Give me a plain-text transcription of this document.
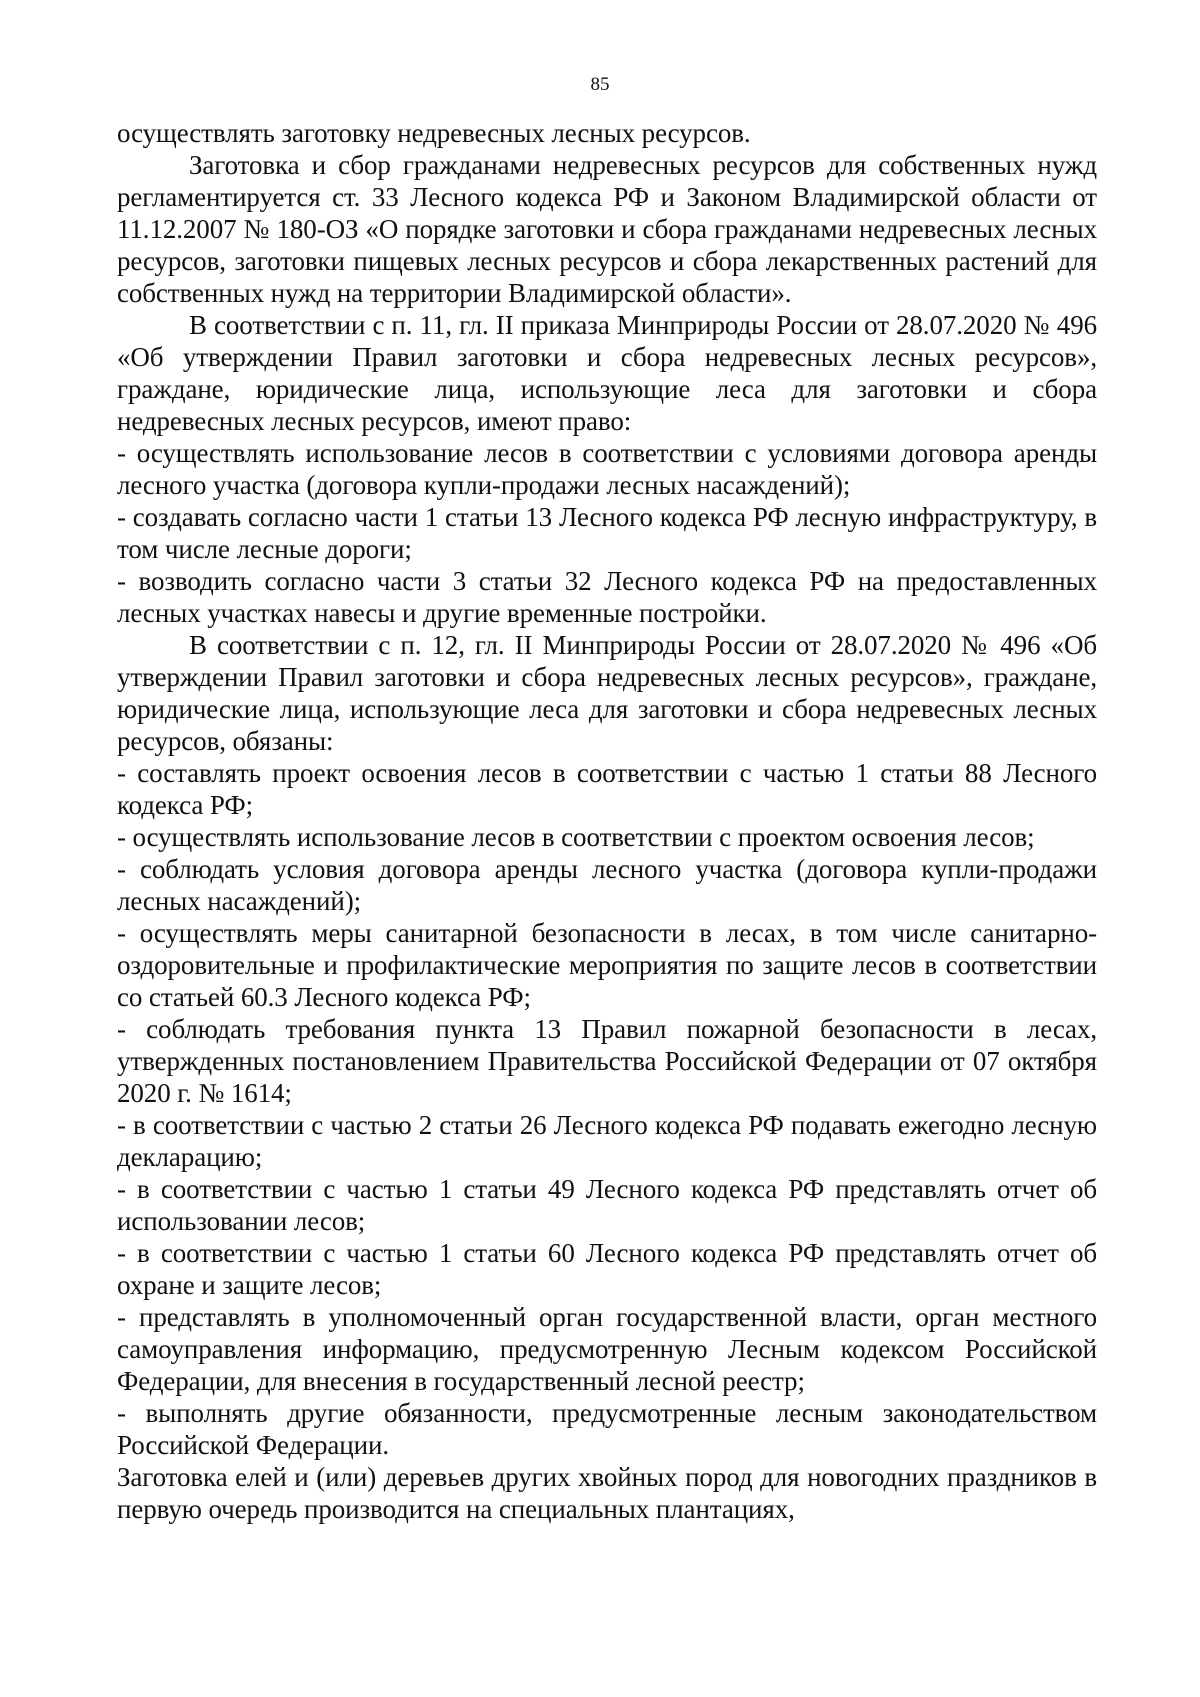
85

осуществлять заготовку недревесных лесных ресурсов.

Заготовка и сбор гражданами недревесных ресурсов для собственных нужд регламентируется ст. 33 Лесного кодекса РФ и Законом Владимирской области от 11.12.2007 № 180-ОЗ «О порядке заготовки и сбора гражданами недревесных лесных ресурсов, заготовки пищевых лесных ресурсов и сбора лекарственных растений для собственных нужд на территории Владимирской области».

В соответствии с п. 11, гл. II приказа Минприроды России от 28.07.2020 № 496 «Об утверждении Правил заготовки и сбора недревесных лесных ресурсов», граждане, юридические лица, использующие леса для заготовки и сбора недревесных лесных ресурсов, имеют право:

- осуществлять использование лесов в соответствии с условиями договора аренды лесного участка (договора купли-продажи лесных насаждений);

- создавать согласно части 1 статьи 13 Лесного кодекса РФ лесную инфраструктуру, в том числе лесные дороги;

- возводить согласно части 3 статьи 32 Лесного кодекса РФ на предоставленных лесных участках навесы и другие временные постройки.

В соответствии с п. 12, гл. II Минприроды России от 28.07.2020 № 496 «Об утверждении Правил заготовки и сбора недревесных лесных ресурсов», граждане, юридические лица, использующие леса для заготовки и сбора недревесных лесных ресурсов, обязаны:

- составлять проект освоения лесов в соответствии с частью 1 статьи 88 Лесного кодекса РФ;

- осуществлять использование лесов в соответствии с проектом освоения лесов;

- соблюдать условия договора аренды лесного участка (договора купли-продажи лесных насаждений);

- осуществлять меры санитарной безопасности в лесах, в том числе санитарно-оздоровительные и профилактические мероприятия по защите лесов в соответствии со статьей 60.3 Лесного кодекса РФ;

- соблюдать требования пункта 13 Правил пожарной безопасности в лесах, утвержденных постановлением Правительства Российской Федерации от 07 октября 2020 г. № 1614;

- в соответствии с частью 2 статьи 26 Лесного кодекса РФ подавать ежегодно лесную декларацию;

- в соответствии с частью 1 статьи 49 Лесного кодекса РФ представлять отчет об использовании лесов;

- в соответствии с частью 1 статьи 60 Лесного кодекса РФ представлять отчет об охране и защите лесов;

- представлять в уполномоченный орган государственной власти, орган местного самоуправления информацию, предусмотренную Лесным кодексом Российской Федерации, для внесения в государственный лесной реестр;

- выполнять другие обязанности, предусмотренные лесным законодательством Российской Федерации.

Заготовка елей и (или) деревьев других хвойных пород для новогодних праздников в первую очередь производится на специальных плантациях,
